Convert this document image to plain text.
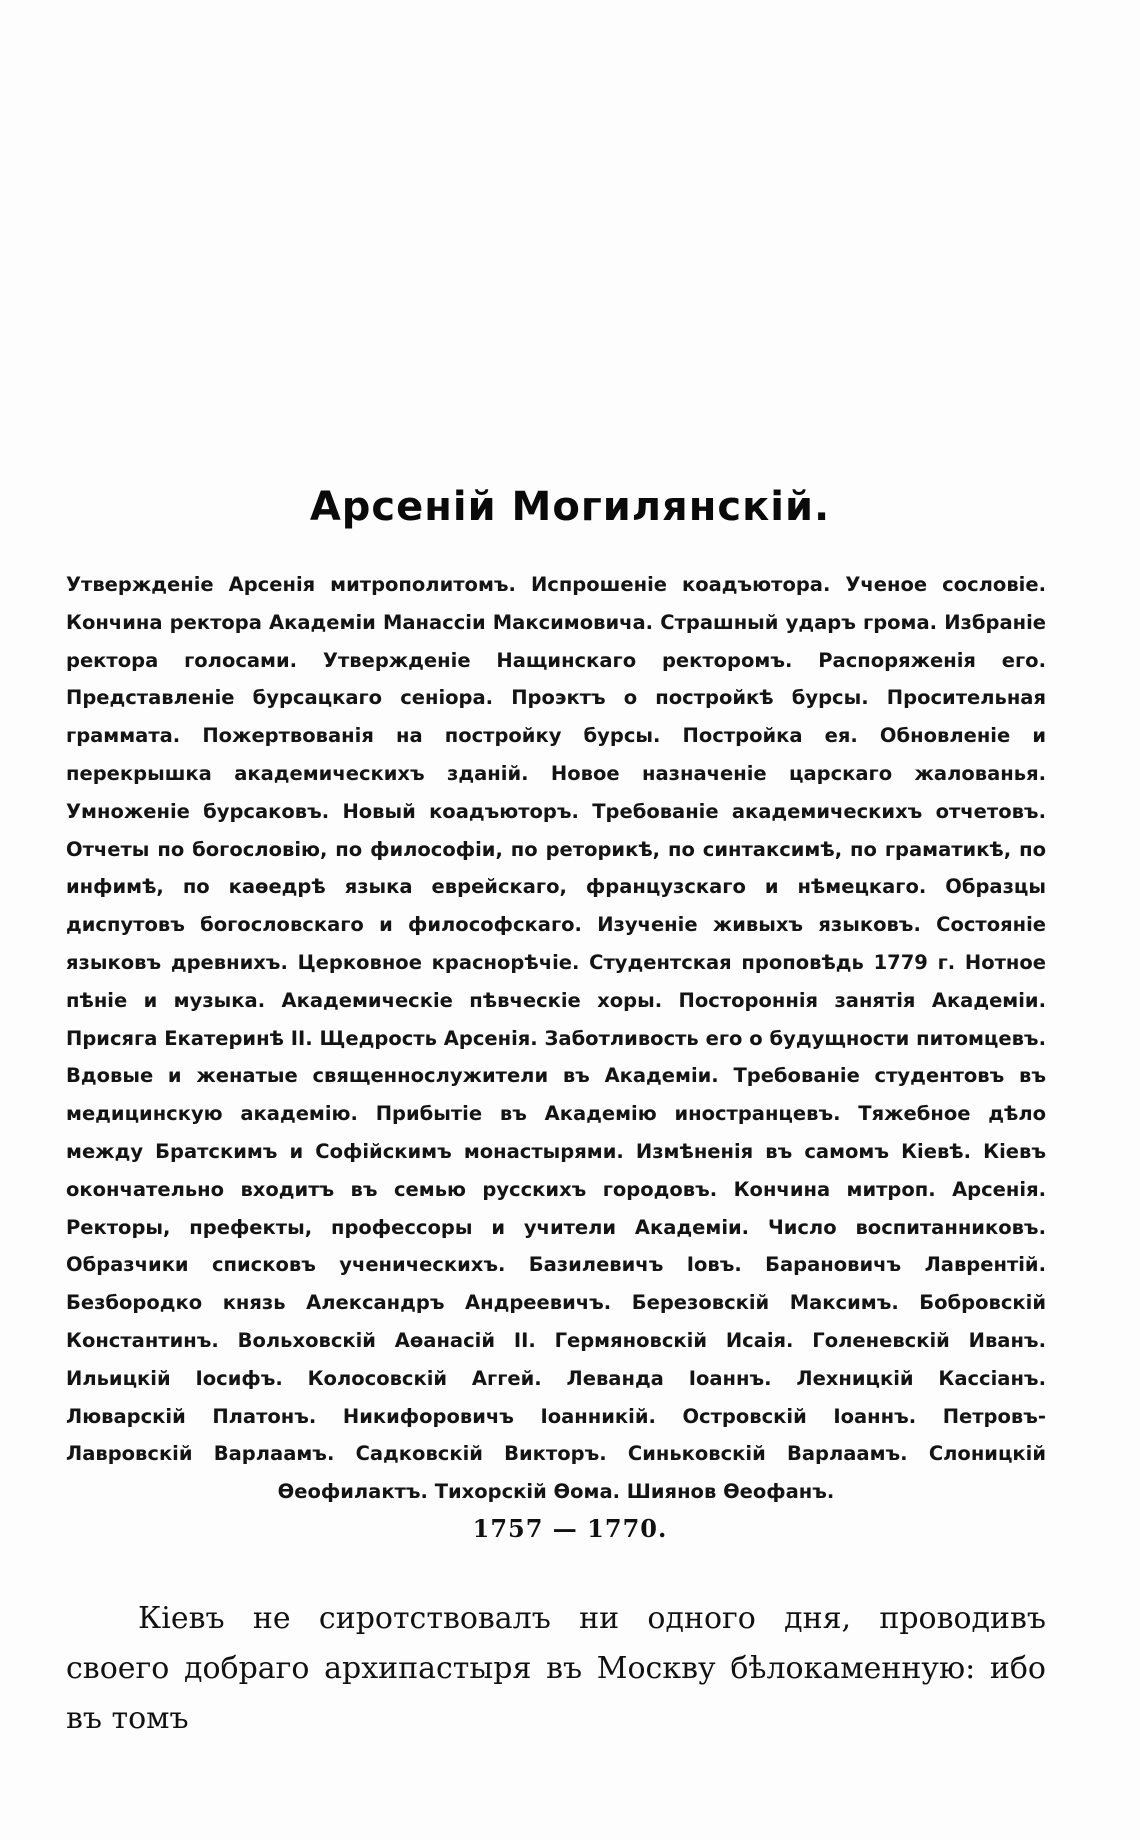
Арсеній Могилянскій.
Утвержденіе Арсенія митрополитомъ. Испрошеніе коадъютора. Ученое сословіе. Кончина ректора Академіи Манассіи Максимовича. Страшный ударъ грома. Избраніе ректора голосами. Утвержденіе Нащинскаго ректоромъ. Распоряженія его. Представленіе бурсацкаго сеніора. Проэктъ о постройкѣ бурсы. Просительная граммата. Пожертвованія на постройку бурсы. Постройка ея. Обновленіе и перекрышка академическихъ зданій. Новое назначеніе царскаго жалованья. Умноженіе бурсаковъ. Новый коадъюторъ. Требованіе академическихъ отчетовъ. Отчеты по богословію, по философіи, по реторикѣ, по синтаксимѣ, по граматикѣ, по инфимѣ, по каѳедрѣ языка еврейскаго, французскаго и нѣмецкаго. Образцы диспутовъ богословскаго и философскаго. Изученіе живыхъ языковъ. Состояніе языковъ древнихъ. Церковное краснорѣчіе. Студентская проповѣдь 1779 г. Нотное пѣніе и музыка. Академическіе пѣвческіе хоры. Постороннія занятія Академіи. Присяга Екатеринѣ II. Щедрость Арсенія. Заботливость его о будущности питомцевъ. Вдовые и женатые священнослужители въ Академіи. Требованіе студентовъ въ медицинскую академію. Прибытіе въ Академію иностранцевъ. Тяжебное дѣло между Братскимъ и Софійскимъ монастырями. Измѣненія въ самомъ Кіевѣ. Кіевъ окончательно входитъ въ семью русскихъ городовъ. Кончина митроп. Арсенія. Ректоры, префекты, профессоры и учители Академіи. Число воспитанниковъ. Образчики списковъ ученическихъ. Базилевичъ Іовъ. Барановичъ Лаврентій. Безбородко князь Александръ Андреевичъ. Березовскій Максимъ. Бобровскій Константинъ. Вольховскій Аѳанасій II. Гермяновскій Исаія. Голеневскій Иванъ. Ильицкій Іосифъ. Колосовскій Аггей. Леванда Іоаннъ. Лехницкій Кассіанъ. Люварскій Платонъ. Никифоровичъ Іоанникій. Островскій Іоаннъ. Петровъ-Лавровскій Варлаамъ. Садковскій Викторъ. Синьковскій Варлаамъ. Слоницкій Ѳеофилактъ. Тихорскій Ѳома. Шиянов Ѳеофанъ.
1757 — 1770.
Кіевъ не сиротствовалъ ни одного дня, проводивъ своего добраго архипастыря въ Москву бѣлокаменную: ибо въ томъ
